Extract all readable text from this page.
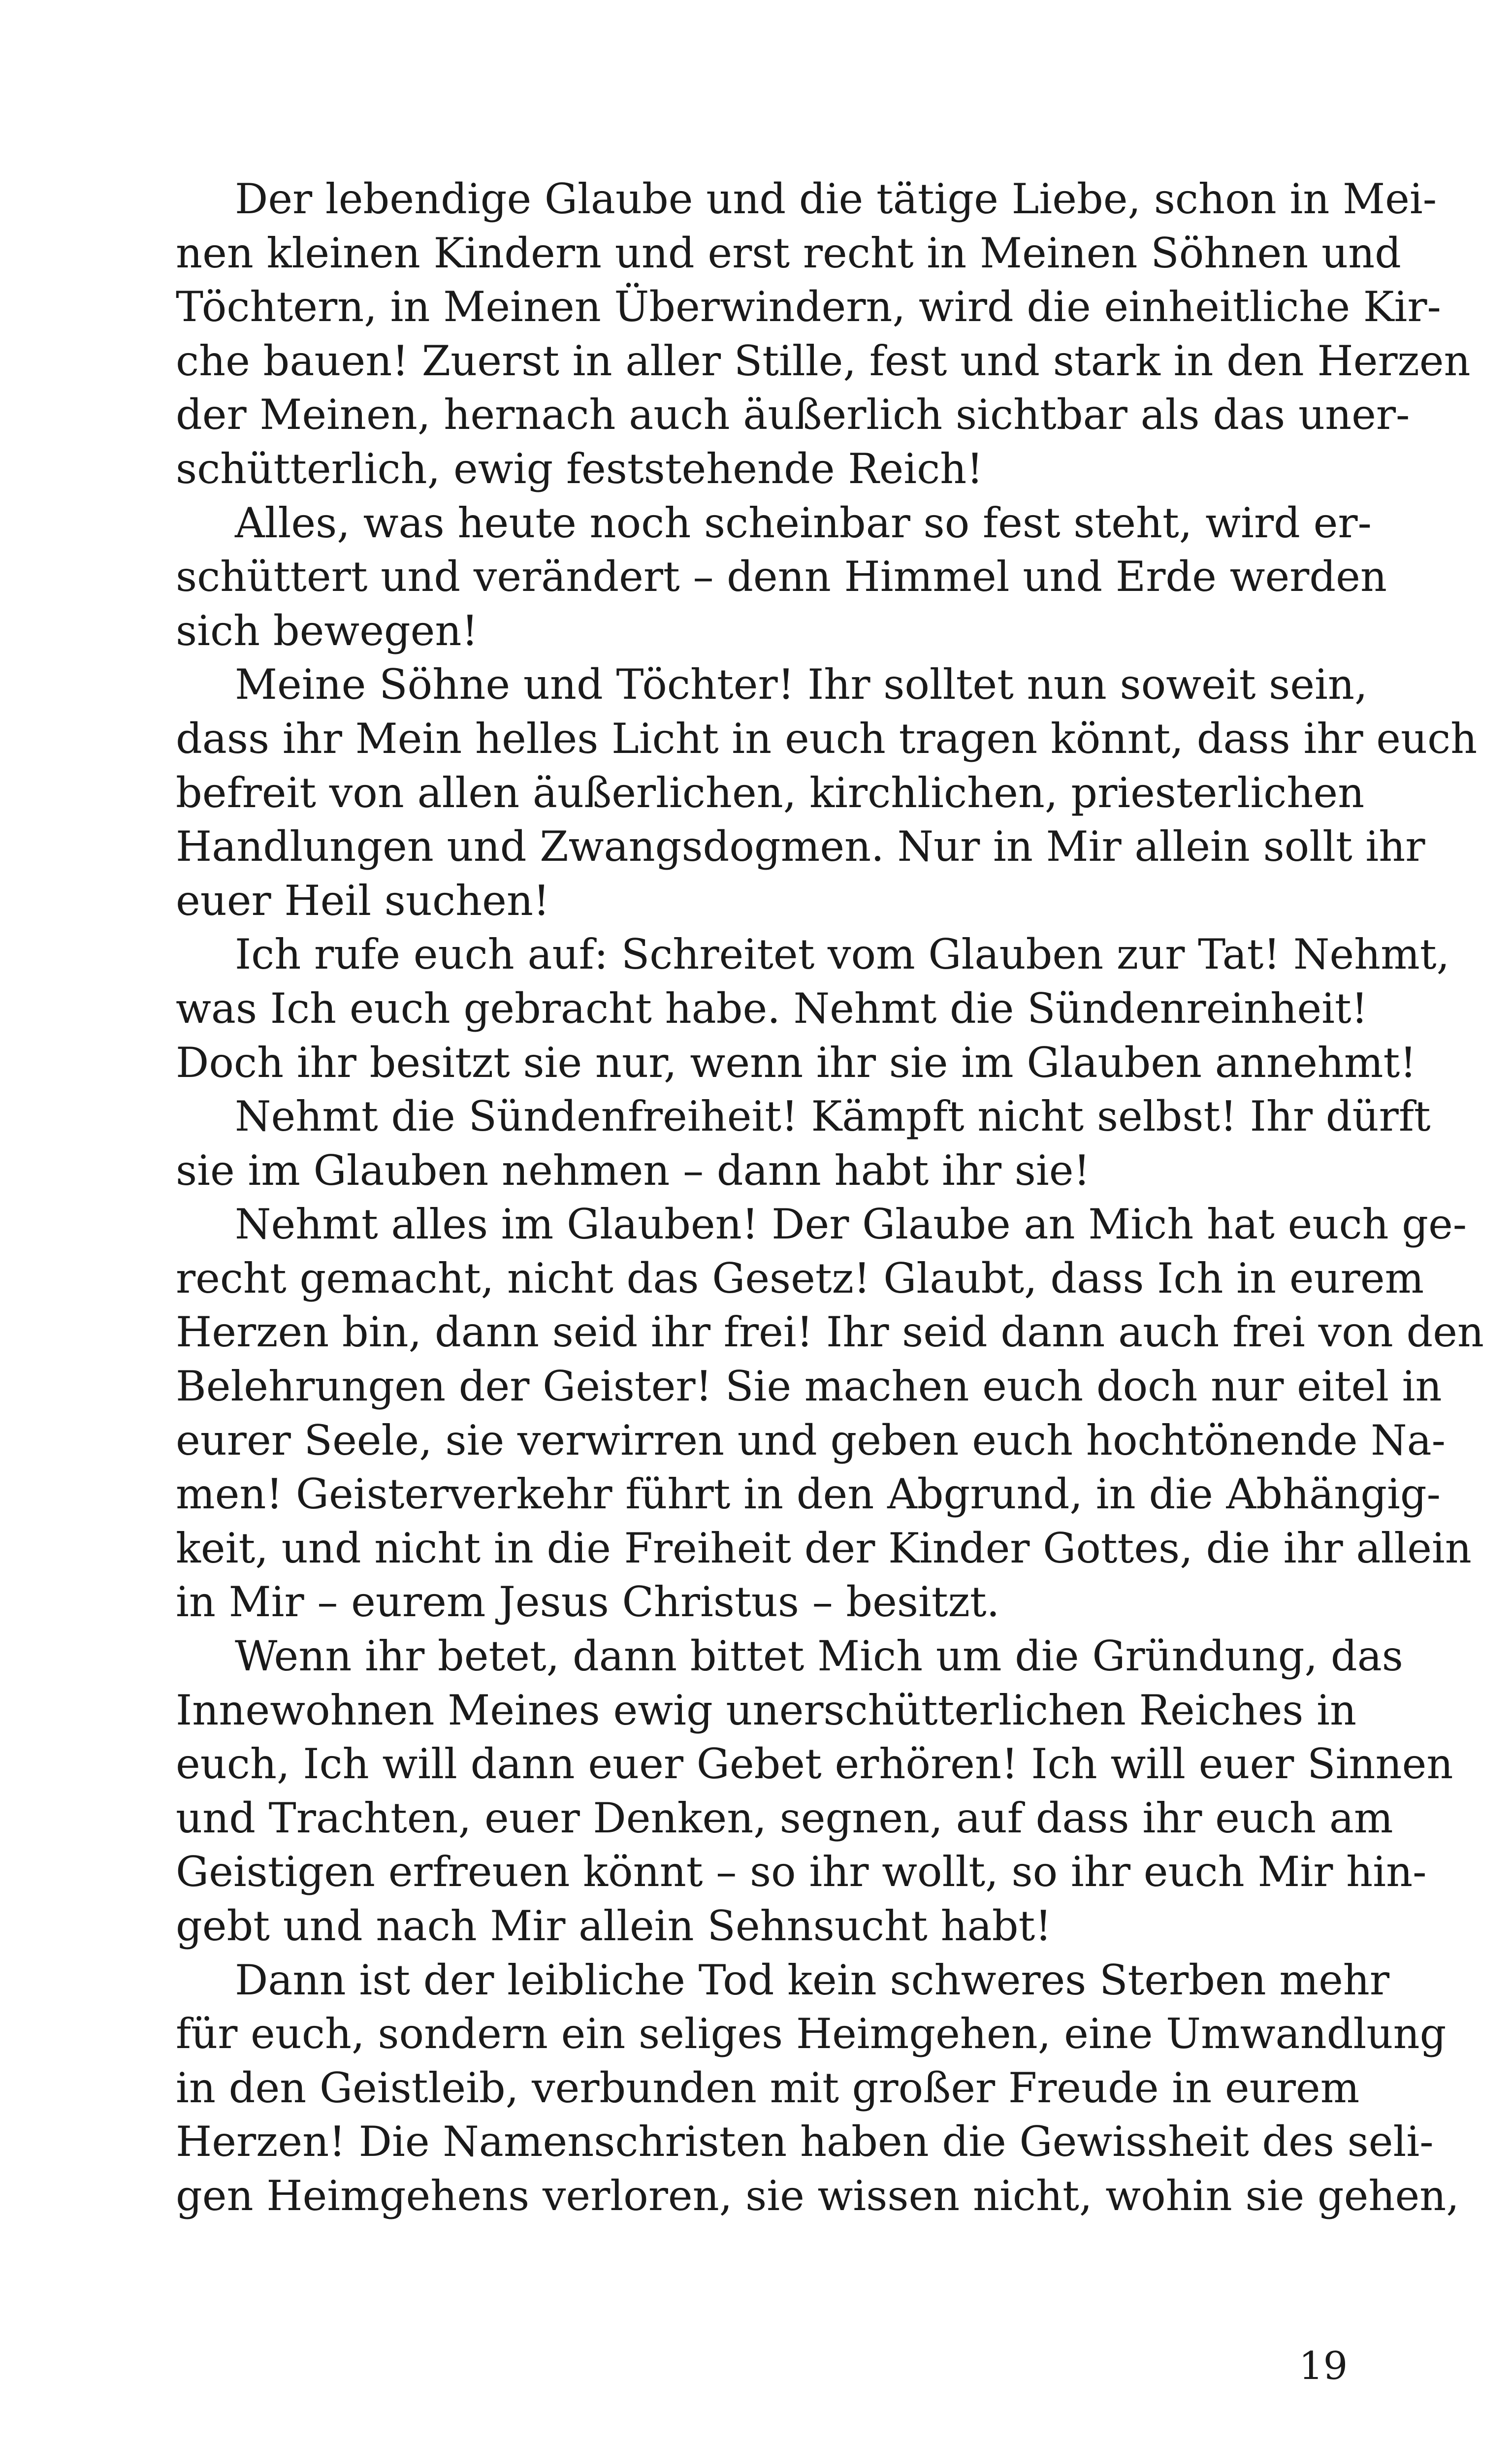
Der lebendige Glaube und die tätige Liebe, schon in Mei-
nen kleinen Kindern und erst recht in Meinen Söhnen und
Töchtern, in Meinen Überwindern, wird die einheitliche Kir-
che bauen! Zuerst in aller Stille, fest und stark in den Herzen
der Meinen, hernach auch äußerlich sichtbar als das uner-
schütterlich, ewig feststehende Reich!
Alles, was heute noch scheinbar so fest steht, wird er-
schüttert und verändert – denn Himmel und Erde werden
sich bewegen!
Meine Söhne und Töchter! Ihr solltet nun soweit sein,
dass ihr Mein helles Licht in euch tragen könnt, dass ihr euch
befreit von allen äußerlichen, kirchlichen, priesterlichen
Handlungen und Zwangsdogmen. Nur in Mir allein sollt ihr
euer Heil suchen!
Ich rufe euch auf: Schreitet vom Glauben zur Tat! Nehmt,
was Ich euch gebracht habe. Nehmt die Sündenreinheit!
Doch ihr besitzt sie nur, wenn ihr sie im Glauben annehmt!
Nehmt die Sündenfreiheit! Kämpft nicht selbst! Ihr dürft
sie im Glauben nehmen – dann habt ihr sie!
Nehmt alles im Glauben! Der Glaube an Mich hat euch ge-
recht gemacht, nicht das Gesetz! Glaubt, dass Ich in eurem
Herzen bin, dann seid ihr frei! Ihr seid dann auch frei von den
Belehrungen der Geister! Sie machen euch doch nur eitel in
eurer Seele, sie verwirren und geben euch hochtönende Na-
men! Geisterverkehr führt in den Abgrund, in die Abhängig-
keit, und nicht in die Freiheit der Kinder Gottes, die ihr allein
in Mir – eurem Jesus Christus – besitzt.
Wenn ihr betet, dann bittet Mich um die Gründung, das
Innewohnen Meines ewig unerschütterlichen Reiches in
euch, Ich will dann euer Gebet erhören! Ich will euer Sinnen
und Trachten, euer Denken, segnen, auf dass ihr euch am
Geistigen erfreuen könnt – so ihr wollt, so ihr euch Mir hin-
gebt und nach Mir allein Sehnsucht habt!
Dann ist der leibliche Tod kein schweres Sterben mehr
für euch, sondern ein seliges Heimgehen, eine Umwandlung
in den Geistleib, verbunden mit großer Freude in eurem
Herzen! Die Namenschristen haben die Gewissheit des seli-
gen Heimgehens verloren, sie wissen nicht, wohin sie gehen,
19
